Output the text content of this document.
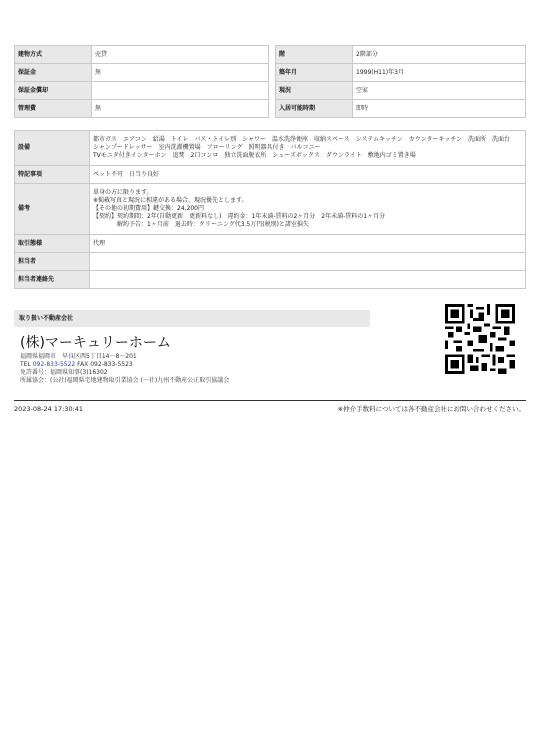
建物方式	売貸
保証金	無
保証金償却	
管理費	無
階	2階部分
築年月	1999(H11)年3月
現況	空家
入居可能時期	即時
設備	都市ガス　エアコン　給湯　トイレ　バス・トイレ別　シャワー　温水洗浄便座　収納スペース　システムキッチン　カウンターキッチン　洗面所　洗面台　シャンプードレッサー　室内洗濯機置場　フローリング　照明器具付き　バルコニー
TVモニタ付きインターホン　追焚　2口コンロ　独立洗面脱衣所　シューズボックス　ダウンライト　敷地内ゴミ置き場
特記事項	ペット不可　日当り良好
備考	単身の方に限ります。
※掲載写真と現況に相違がある場合、現況優先とします。
【その他の初期費用】鍵交換：24,200円
【契約】契約期間：2年(自動更新　更新料なし)　違約金：1年未満-賃料の2ヶ月分　2年未満-賃料の1ヶ月分
　　　　解約予告：1ヶ月前　退去時：クリーニング代3.5万円(税別)と諸室損失
取引態様	代理
担当者	
担当者連絡先	
取り扱い不動産会社
(株)マーキュリーホーム
福岡県福岡市　早良区西5丁目14－8－201
TEL 092-833-5522 FAX 092-833-5523
免許番号：福岡県知事(3)16302
所属協会：(公社)福岡県宅地建物取引業協会 (一社)九州不動産公正取引協議会
2023-08-24 17:30:41	※仲介手数料については各不動産会社にお問い合わせください。
